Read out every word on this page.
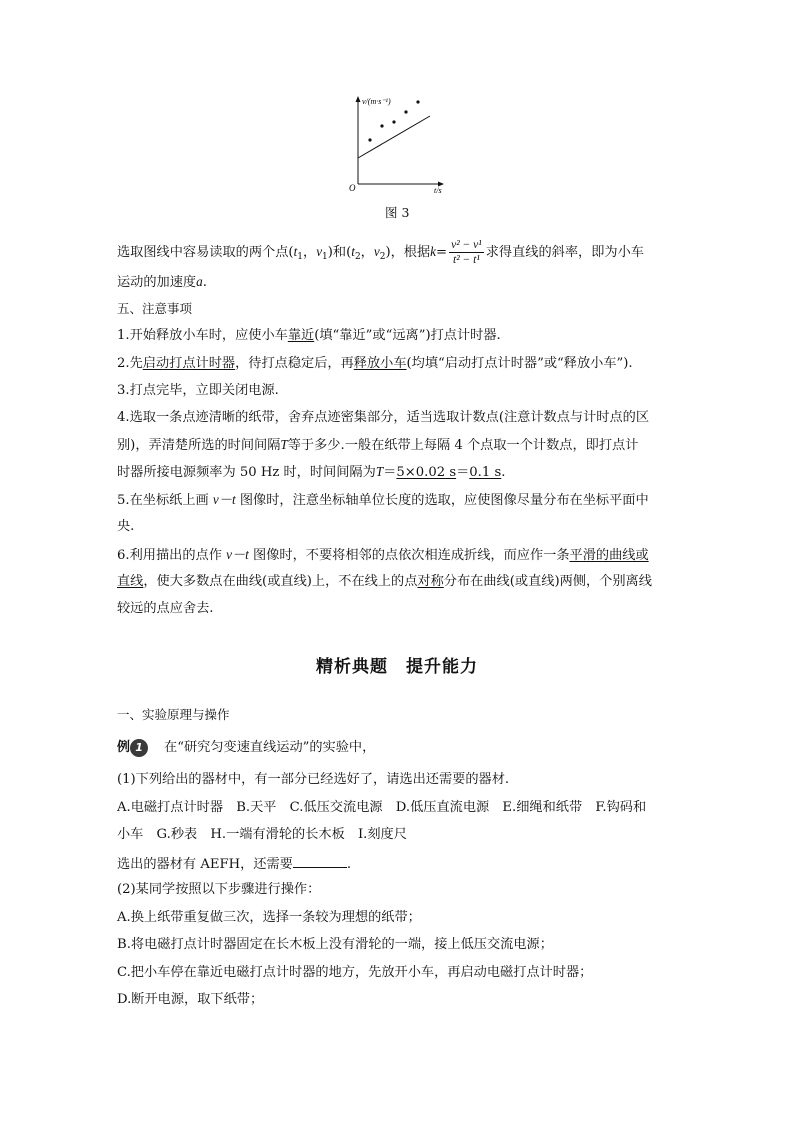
v/(m·s⁻¹)
t/s
O
图 3
选取图线中容易读取的两个点($t_1$，$v_1$)和($t_2$，$v_2$)，根据$k= \frac{\text{v² − v¹}}{\text{t² − t¹}}$ 求得直线的斜率，即为小车
运动的加速度a.
五、注意事项
1.开始释放小车时，应使小车靠近(填“靠近”或“远离”)打点计时器.
2.先启动打点计时器，待打点稳定后，再释放小车(均填“启动打点计时器”或“释放小车”).
3.打点完毕，立即关闭电源.
4.选取一条点迹清晰的纸带，舍弃点迹密集部分，适当选取计数点(注意计数点与计时点的区
别)，弄清楚所选的时间间隔T等于多少.一般在纸带上每隔 4 个点取一个计数点，即打点计
时器所接电源频率为 50 Hz 时，时间间隔为T＝5×0.02 s＝0.1 s.
5.在坐标纸上画 v－t 图像时，注意坐标轴单位长度的选取，应使图像尽量分布在坐标平面中
央.
6.利用描出的点作 v－t 图像时，不要将相邻的点依次相连成折线，而应作一条平滑的曲线或
直线，使大多数点在曲线(或直线)上，不在线上的点对称分布在曲线(或直线)两侧，个别离线
较远的点应舍去.
精析典题　提升能力
一、实验原理与操作
例 1 在“研究匀变速直线运动”的实验中，
(1)下列给出的器材中，有一部分已经选好了，请选出还需要的器材.
A.电磁打点计时器　B.天平　C.低压交流电源　D.低压直流电源　E.细绳和纸带　F.钩码和
小车　G.秒表　H.一端有滑轮的长木板　I.刻度尺
选出的器材有 AEFH，还需要	.
(2)某同学按照以下步骤进行操作：
A.换上纸带重复做三次，选择一条较为理想的纸带；
B.将电磁打点计时器固定在长木板上没有滑轮的一端，接上低压交流电源；
C.把小车停在靠近电磁打点计时器的地方，先放开小车，再启动电磁打点计时器；
D.断开电源，取下纸带；
